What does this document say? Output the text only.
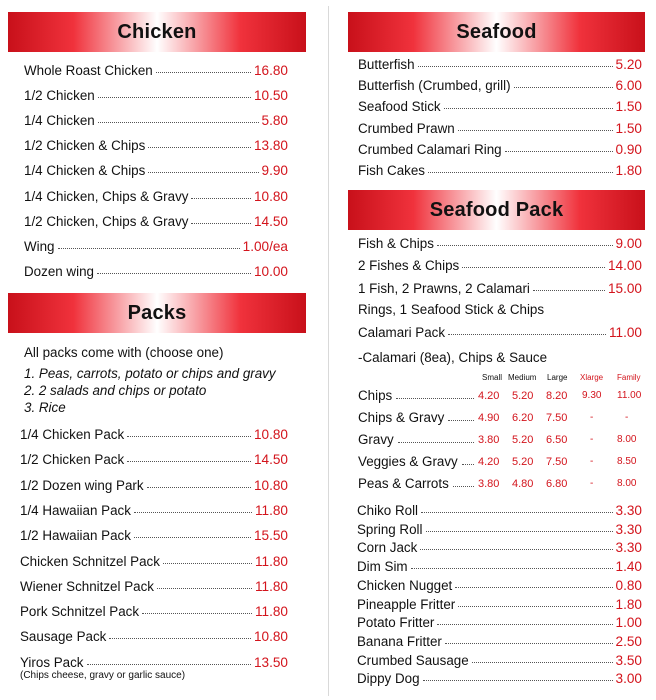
Chicken
Whole Roast Chicken	16.80
1/2 Chicken	10.50
1/4 Chicken	5.80
1/2 Chicken & Chips	13.80
1/4 Chicken & Chips	9.90
1/4 Chicken, Chips & Gravy	10.80
1/2 Chicken, Chips & Gravy	14.50
Wing	1.00/ea
Dozen wing	10.00
Packs
All packs come with (choose one)
1. Peas, carrots, potato or chips and gravy
2. 2 salads and chips or potato
3. Rice
1/4 Chicken Pack	10.80
1/2 Chicken Pack	14.50
1/2 Dozen wing Park	10.80
1/4 Hawaiian Pack	11.80
1/2 Hawaiian Pack	15.50
Chicken Schnitzel Pack	11.80
Wiener Schnitzel Pack	11.80
Pork Schnitzel Pack	11.80
Sausage Pack	10.80
Yiros Pack	13.50
(Chips cheese, gravy or garlic sauce)
Seafood
Butterfish	5.20
Butterfish (Crumbed, grill)	6.00
Seafood Stick	1.50
Crumbed Prawn	1.50
Crumbed Calamari Ring	0.90
Fish Cakes	1.80
Seafood Pack
Fish & Chips	9.00
2 Fishes & Chips	14.00
1 Fish, 2 Prawns, 2 Calamari	15.00
Calamari Pack	11.00
Rings, 1 Seafood Stick & Chips
-Calamari (8ea), Chips & Sauce
Small Medium Large Xlarge Family
Chips	4.20 5.20 8.20 9.30 11.00
Chips & Gravy	4.90 6.20 7.50 -	-
Gravy	3.80 5.20 6.50 - 8.00
Veggies & Gravy 4.20 5.20 7.50 - 8.50
Peas & Carrots	3.80 4.80 6.80 - 8.00
Chiko Roll	3.30
Spring Roll	3.30
Corn Jack	3.30
Dim Sim	1.40
Chicken Nugget	0.80
Pineapple Fritter	1.80
Potato Fritter	1.00
Banana Fritter	2.50
Crumbed Sausage	3.50
Dippy Dog	3.00
